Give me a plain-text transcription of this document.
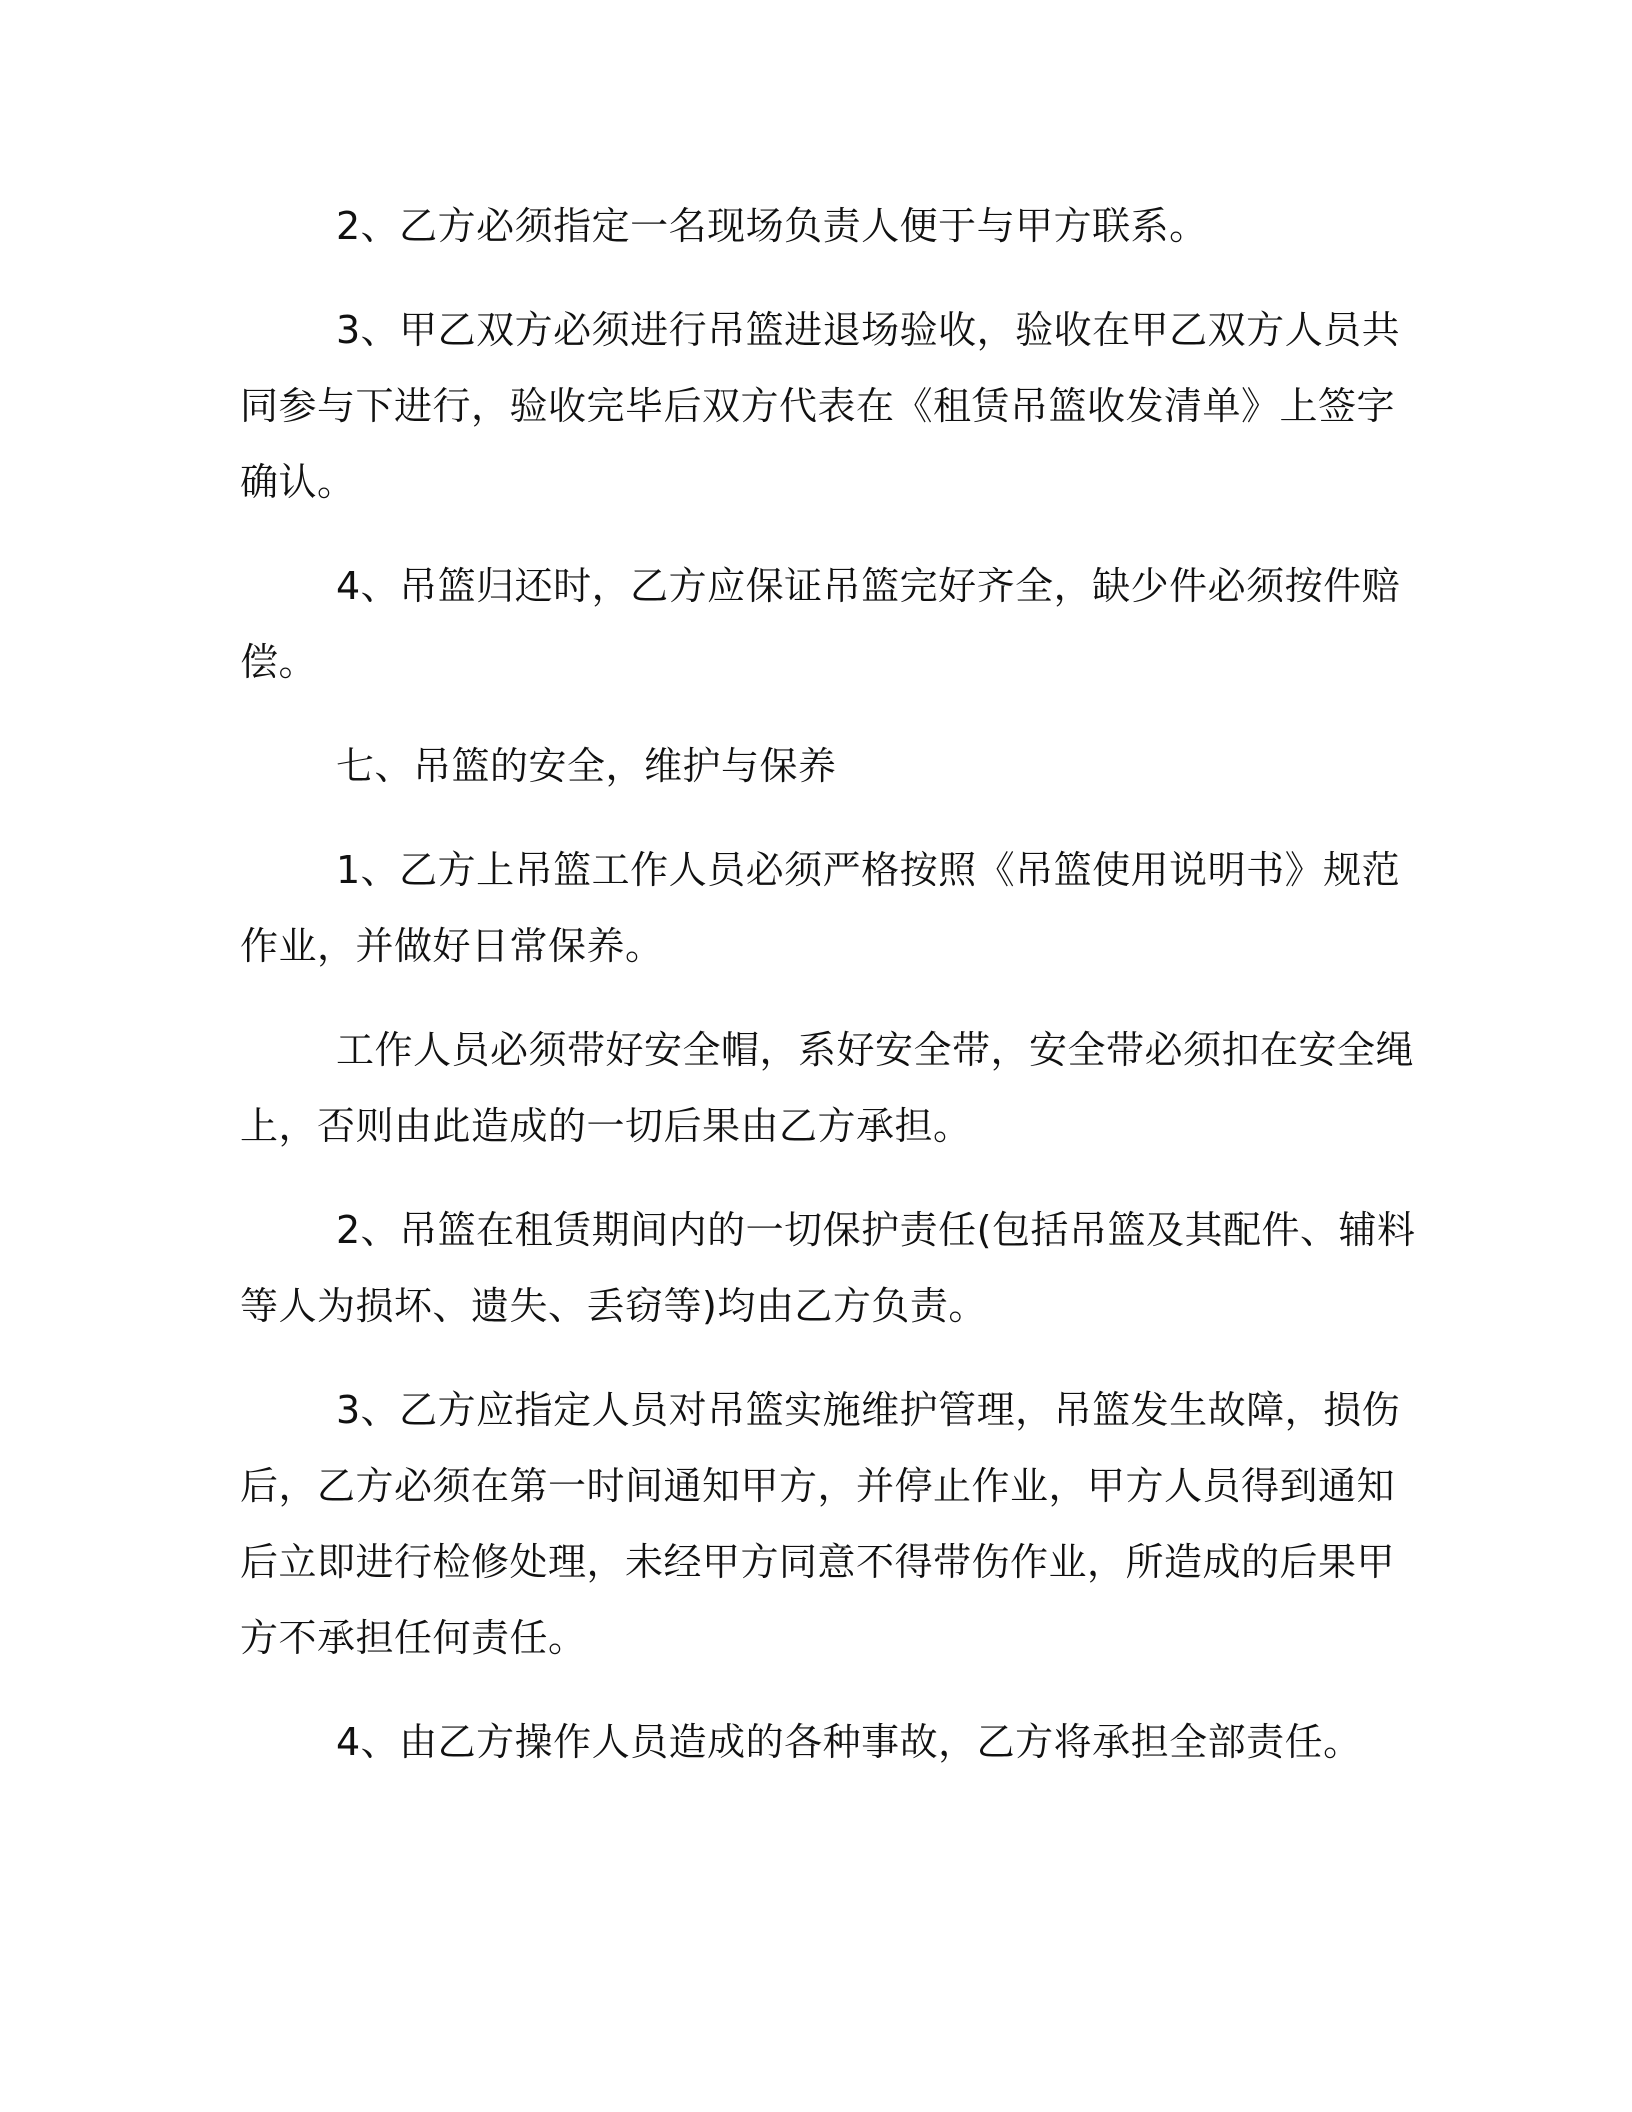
2、乙方必须指定一名现场负责人便于与甲方联系。

3、甲乙双方必须进行吊篮进退场验收，验收在甲乙双方人员共同参与下进行，验收完毕后双方代表在《租赁吊篮收发清单》上签字确认。

4、吊篮归还时，乙方应保证吊篮完好齐全，缺少件必须按件赔偿。

七、吊篮的安全，维护与保养

1、乙方上吊篮工作人员必须严格按照《吊篮使用说明书》规范作业，并做好日常保养。

工作人员必须带好安全帽，系好安全带，安全带必须扣在安全绳上，否则由此造成的一切后果由乙方承担。

2、吊篮在租赁期间内的一切保护责任(包括吊篮及其配件、辅料等人为损坏、遗失、丢窃等)均由乙方负责。

3、乙方应指定人员对吊篮实施维护管理，吊篮发生故障，损伤后，乙方必须在第一时间通知甲方，并停止作业，甲方人员得到通知后立即进行检修处理，未经甲方同意不得带伤作业，所造成的后果甲方不承担任何责任。

4、由乙方操作人员造成的各种事故，乙方将承担全部责任。
